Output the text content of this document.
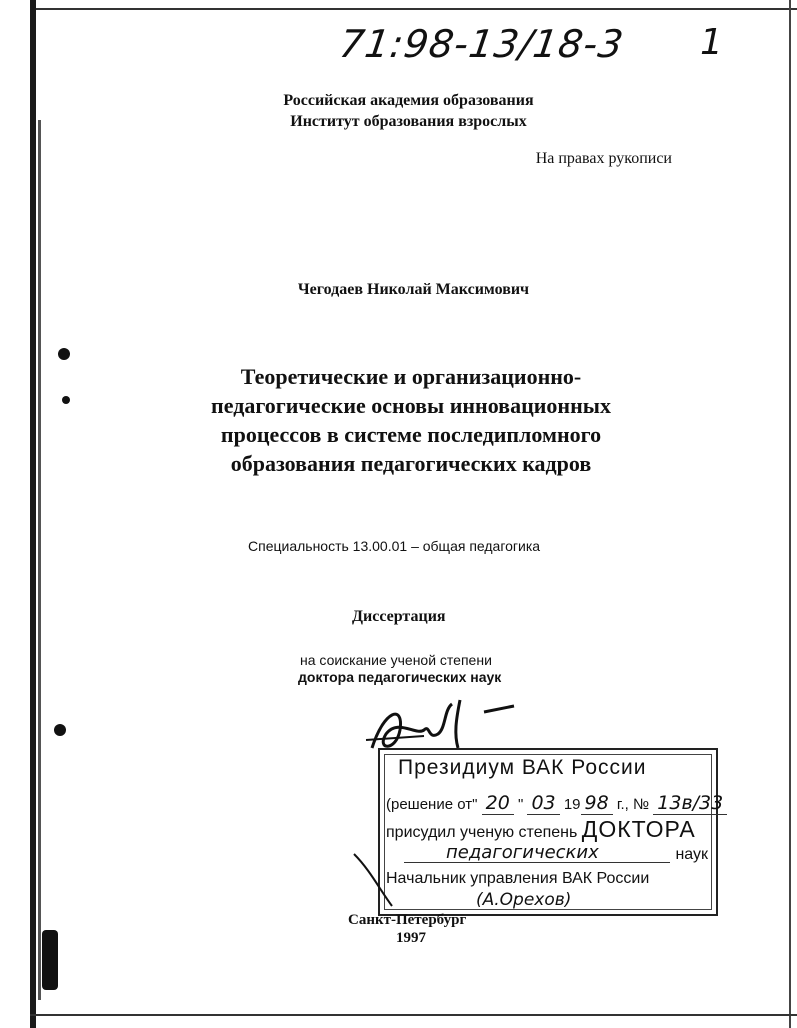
71:98-13/18-3 1
Российская академия образования
Институт образования взрослых
На правах рукописи
Чегодаев Николай Максимович
Теоретические и организационно-
педагогические основы инновационных
процессов в системе последипломного
образования педагогических кадров
Специальность 13.00.01 – общая педагогика
Диссертация
на соискание ученой степени
доктора педагогических наук
Президиум ВАК России
(решение от" 20 " 03 19 98 г., № 13в/33
присудил ученую степень ДОКТОРА
педагогических	наук
Начальник управления ВАК России
(А.Орехов)
Санкт-Петербург
1997
